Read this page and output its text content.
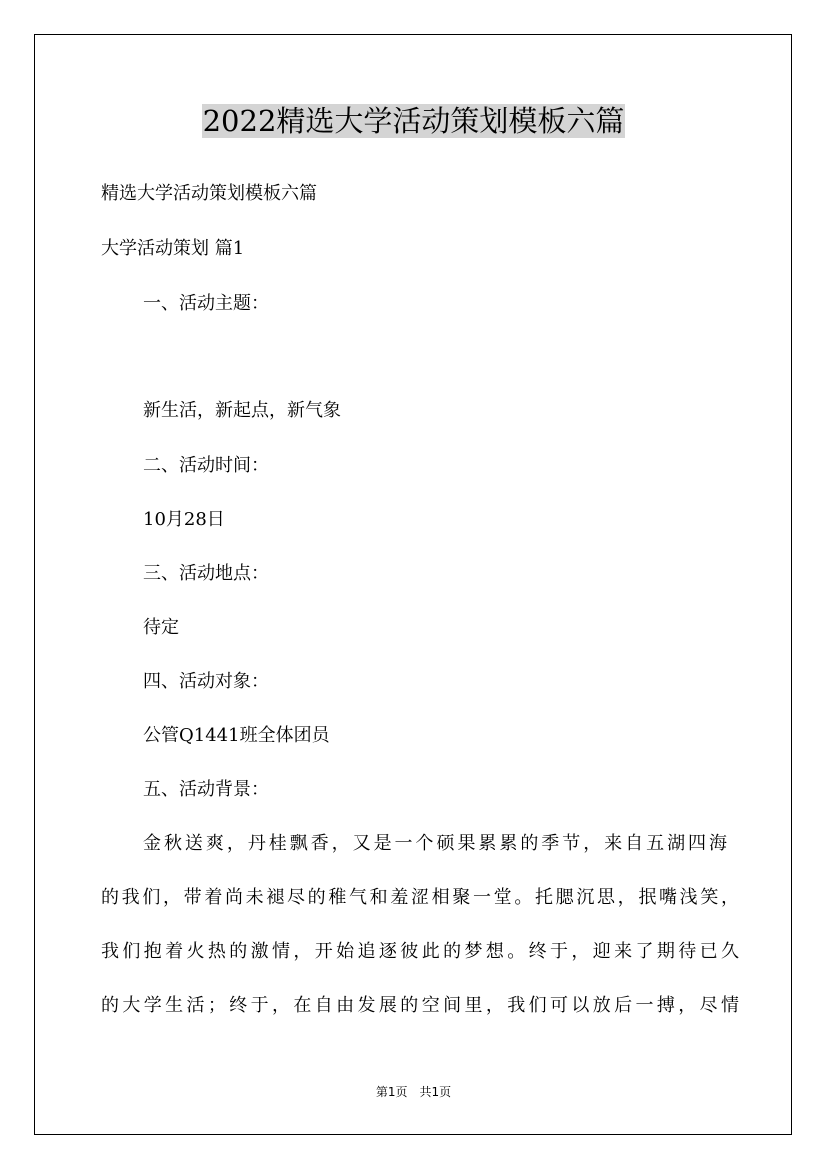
2022精选大学活动策划模板六篇

精选大学活动策划模板六篇

大学活动策划 篇1

一、活动主题：

新生活，新起点，新气象

二、活动时间：

10月28日

三、活动地点：

待定

四、活动对象：

公管Q1441班全体团员

五、活动背景：

金秋送爽，丹桂飘香，又是一个硕果累累的季节，来自五湖四海

的我们，带着尚未褪尽的稚气和羞涩相聚一堂。托腮沉思，抿嘴浅笑，

我们抱着火热的激情，开始追逐彼此的梦想。终于，迎来了期待已久

的大学生活；终于，在自由发展的空间里，我们可以放后一搏，尽情

第1页 共1页
